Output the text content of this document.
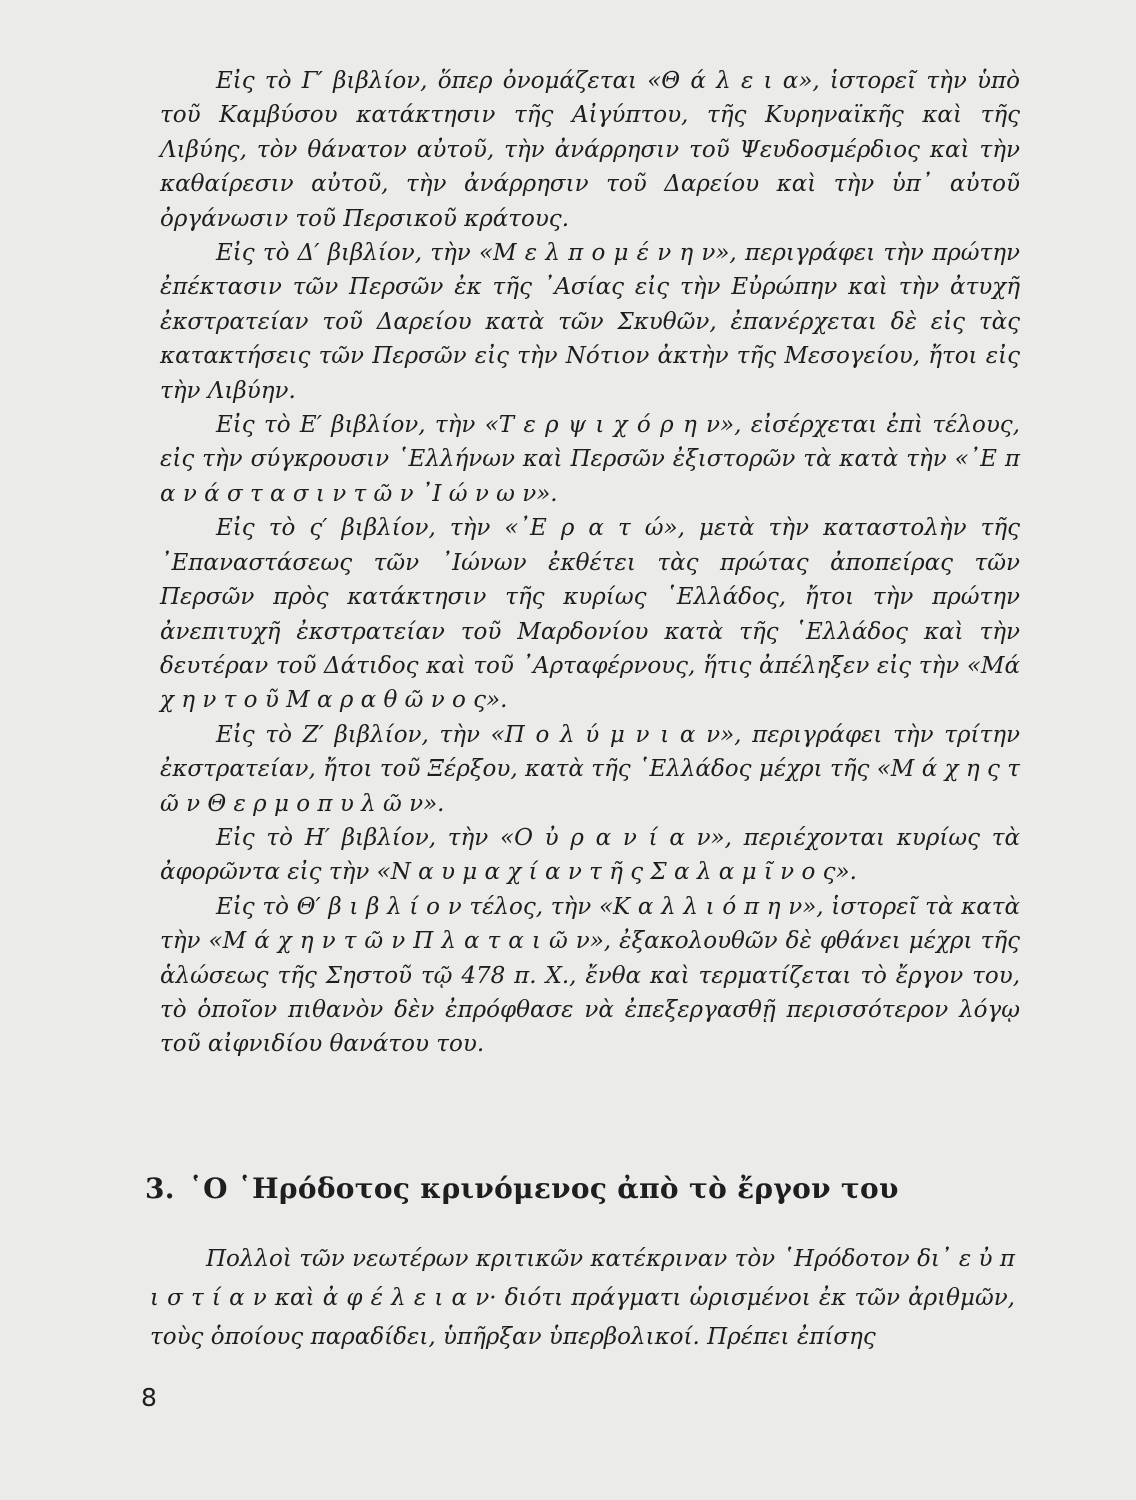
Εἰς τὸ Γ′ βιβλίον, ὅπερ ὀνομάζεται «Θ ά λ ε ι α», ἱστορεῖ τὴν ὑπὸ τοῦ Καμβύσου κατάκτησιν τῆς Αἰγύπτου, τῆς Κυρηναϊκῆς καὶ τῆς Λιβύης, τὸν θάνατον αὐτοῦ, τὴν ἀνάρρησιν τοῦ Ψευδοσμέρδιος καὶ τὴν καθαίρεσιν αὐτοῦ, τὴν ἀνάρρησιν τοῦ Δαρείου καὶ τὴν ὑπ᾽ αὐτοῦ ὀργάνωσιν τοῦ Περσικοῦ κράτους.

Εἰς τὸ Δ′ βιβλίον, τὴν «Μ ε λ π ο μ έ ν η ν», περιγράφει τὴν πρώτην ἐπέκτασιν τῶν Περσῶν ἐκ τῆς ᾽Ασίας εἰς τὴν Εὐρώπην καὶ τὴν ἀτυχῆ ἐκστρατείαν τοῦ Δαρείου κατὰ τῶν Σκυθῶν, ἐπανέρχεται δὲ εἰς τὰς κατακτήσεις τῶν Περσῶν εἰς τὴν Νότιον ἀκτὴν τῆς Μεσογείου, ἤτοι εἰς τὴν Λιβύην.

Εἰς τὸ Ε′ βιβλίον, τὴν «Τ ε ρ ψ ι χ ό ρ η ν», εἰσέρχεται ἐπὶ τέλους, εἰς τὴν σύγκρουσιν ῾Ελλήνων καὶ Περσῶν ἐξιστορῶν τὰ κατὰ τὴν «᾽Ε π α ν ά σ τ α σ ι ν τ ῶ ν ᾽Ι ώ ν ω ν».

Εἰς τὸ ς′ βιβλίον, τὴν «᾽Ε ρ α τ ώ», μετὰ τὴν καταστολὴν τῆς ᾽Επαναστάσεως τῶν ᾽Ιώνων ἐκθέτει τὰς πρώτας ἀποπείρας τῶν Περσῶν πρὸς κατάκτησιν τῆς κυρίως ῾Ελλάδος, ἤτοι τὴν πρώτην ἀνεπιτυχῆ ἐκστρατείαν τοῦ Μαρδονίου κατὰ τῆς ῾Ελλάδος καὶ τὴν δευτέραν τοῦ Δάτιδος καὶ τοῦ ᾽Αρταφέρνους, ἥτις ἀπέληξεν εἰς τὴν «Μά χ η ν τ ο ῦ Μ α ρ α θ ῶ ν ο ς».

Εἰς τὸ Ζ′ βιβλίον, τὴν «Π ο λ ύ μ ν ι α ν», περιγράφει τὴν τρίτην ἐκστρατείαν, ἤτοι τοῦ Ξέρξου, κατὰ τῆς ῾Ελλάδος μέχρι τῆς «Μ ά χ η ς τ ῶ ν Θ ε ρ μ ο π υ λ ῶ ν».

Εἰς τὸ Η′ βιβλίον, τὴν «Ο ὐ ρ α ν ί α ν», περιέχονται κυρίως τὰ ἀφορῶντα εἰς τὴν «Ν α υ μ α χ ί α ν τ ῆ ς Σ α λ α μ ῖ ν ο ς».

Εἰς τὸ Θ′ β ι β λ ί ο ν τέλος, τὴν «Κ α λ λ ι ό π η ν», ἱστορεῖ τὰ κατὰ τὴν «Μ ά χ η ν τ ῶ ν Π λ α τ α ι ῶ ν», ἐξακολουθῶν δὲ φθάνει μέχρι τῆς ἁλώσεως τῆς Σηστοῦ τῷ 478 π. Χ., ἔνθα καὶ τερματίζεται τὸ ἔργον του, τὸ ὁποῖον πιθανὸν δὲν ἐπρόφθασε νὰ ἐπεξεργασθῇ περισσότερον λόγῳ τοῦ αἰφνιδίου θανάτου του.

3. ῾Ο ῾Ηρόδοτος κρινόμενος ἀπὸ τὸ ἔργον του

Πολλοὶ τῶν νεωτέρων κριτικῶν κατέκριναν τὸν ῾Ηρόδοτον δι᾽ ε ὐ π ι σ τ ί α ν καὶ ἀ φ έ λ ε ι α ν· διότι πράγματι ὡρισμένοι ἐκ τῶν ἀριθμῶν, τοὺς ὁποίους παραδίδει, ὑπῆρξαν ὑπερβολικοί. Πρέπει ἐπίσης

8
